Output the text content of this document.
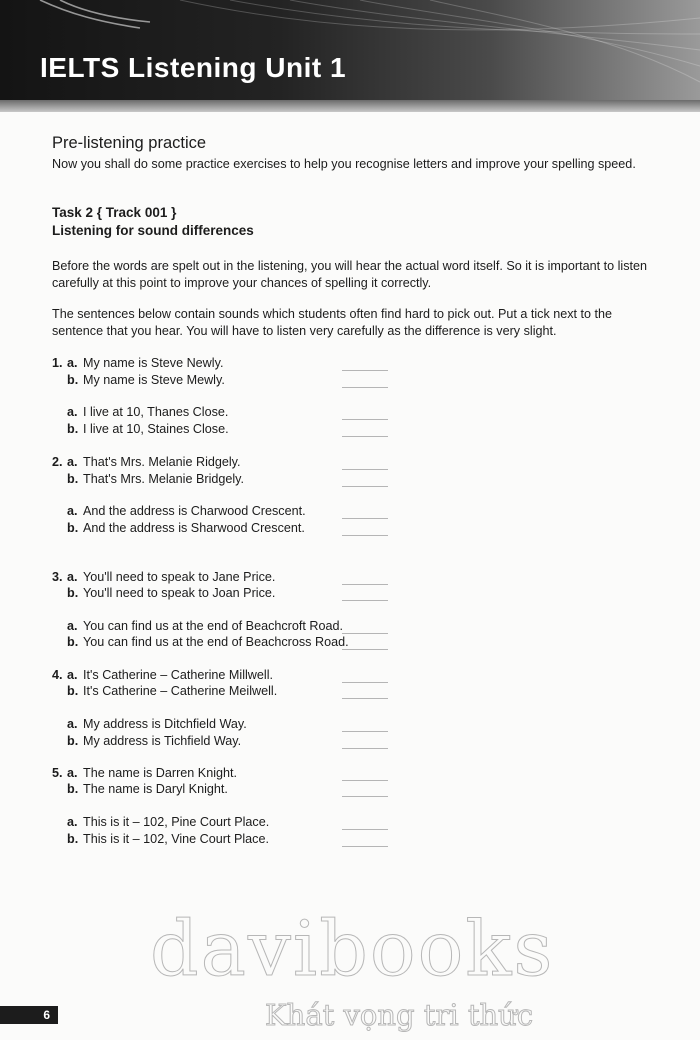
IELTS Listening Unit 1
Pre-listening practice

Now you shall do some practice exercises to help you recognise letters and improve your spelling speed.

Task 2 { Track 001 }
Listening for sound differences

Before the words are spelt out in the listening, you will hear the actual word itself. So it is important to listen
carefully at this point to improve your chances of spelling it correctly.

The sentences below contain sounds which students often find hard to pick out. Put a tick next to the
sentence that you hear. You will have to listen very carefully as the difference is very slight.

1. a. My name is Steve Newly.
b. My name is Steve Mewly.
a. I live at 10, Thanes Close.
b. I live at 10, Staines Close.
2. a. That's Mrs. Melanie Ridgely.
b. That's Mrs. Melanie Bridgely.
a. And the address is Charwood Crescent.
b. And the address is Sharwood Crescent.
3. a. You'll need to speak to Jane Price.
b. You'll need to speak to Joan Price.
a. You can find us at the end of Beachcroft Road.
b. You can find us at the end of Beachcross Road.
4. a. It's Catherine – Catherine Millwell.
b. It's Catherine – Catherine Meilwell.
a. My address is Ditchfield Way.
b. My address is Tichfield Way.
5. a. The name is Darren Knight.
b. The name is Daryl Knight.
a. This is it – 102, Pine Court Place.
b. This is it – 102, Vine Court Place.

davibooks

Khát vọng tri thức

6
